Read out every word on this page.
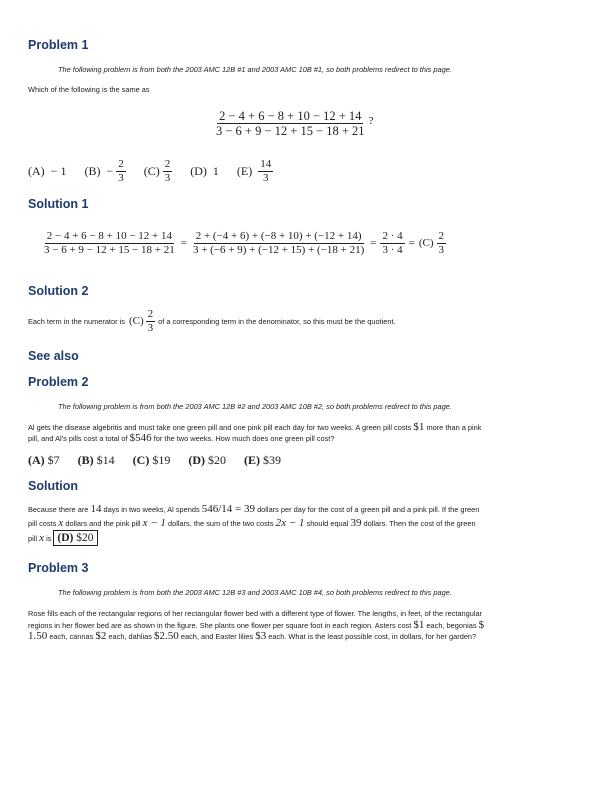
Problem 1

The following problem is from both the 2003 AMC 12B #1 and 2003 AMC 10B #1, so both problems redirect to this page.

Which of the following is the same as

$\frac{2 - 4 + 6 - 8 + 10 - 12 + 14}{3 - 6 + 9 - 12 + 15 - 18 + 21}$ ?
(A)
− 1 (B)
−
$\frac{2}{3} (C)$
$\frac{2}{3} (D)$
1 (E)
$\frac{14}{3}$
Solution 1
$\frac{2 - 4 + 6 - 8 + 10 - 12 + 14}{3 - 6 + 9 - 12 + 15 - 18 + 21} = \frac{2 + (-4 + 6) + (-8 + 10) + (-12 + 14)}{3 + (-6 + 9) + (-12 + 15) + (-18 + 21)} = \frac{2 \cdot 4}{3 \cdot 4} = (C) \frac{2}{3}$
Solution 2
Each term in the numerator is $(C) \frac{2}{3}$ of a corresponding term in the denominator, so this must be the quotient.
See also
Problem 2

The following problem is from both the 2003 AMC 12B #2 and 2003 AMC 10B #2, so both problems redirect to this page.

Al gets the disease algebritis and must take one green pill and one pink pill each day for two weeks. A green pill costs $1 more than a pink
pill, and Al's pills cost a total of $546 for the two weeks. How much does one green pill cost?

(A)
$7 (B)
$14 (C)
$19 (D)
$20 (E)
$39
Solution

Because there are 14 days in two weeks, Al spends 546/14 = 39 dollars per day for the cost of a green pill and a pink pill. If the green
pill costs x dollars and the pink pill x − 1 dollars, the sum of the two costs 2x − 1 should equal 39 dollars. Then the cost of the green

pill
x
is (D) $20
Problem 3

The following problem is from both the 2003 AMC 12B #3 and 2003 AMC 10B #4, so both problems redirect to this page.

Rose fills each of the rectangular regions of her rectangular flower bed with a different type of flower. The lengths, in feet, of the rectangular
regions in her flower bed are as shown in the figure. She plants one flower per square foot in each region. Asters cost $1 each, begonias $
1.50 each, cannas $2 each, dahlias $2.50 each, and Easter lilies $3 each. What is the least possible cost, in dollars, for her garden?
